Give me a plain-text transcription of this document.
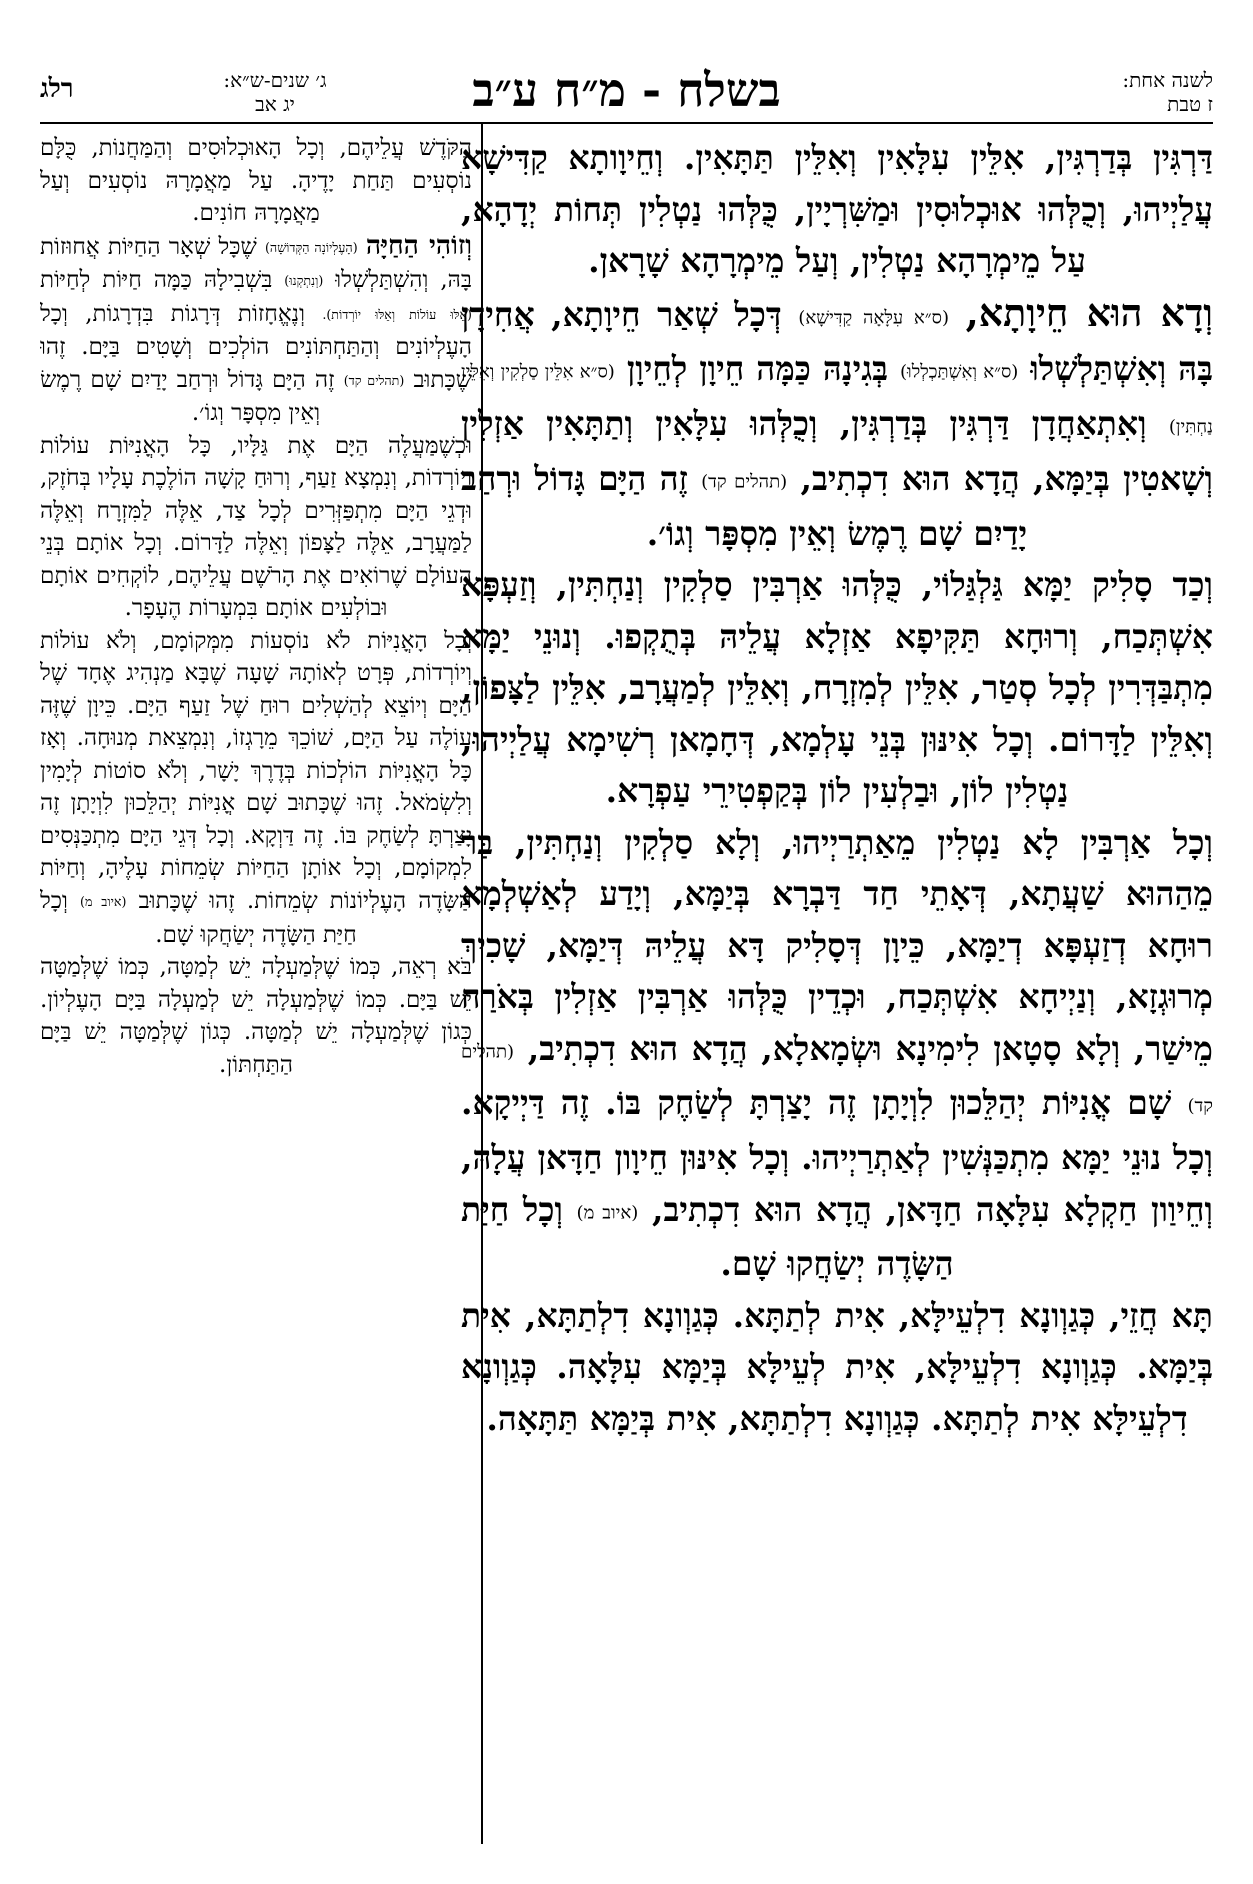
לשנה אחת:
ז טבת
בשלח - מ״ח ע״ב
ג׳ שנים-ש״א:
יג אב
רלג

דַּרְגִּין בְּדַרְגִּין, אִלֵּין עִלָּאִין וְאִלֵּין תַּתָּאִין. וְחֵיוָותָא קַדִּישָׁא עֲלַיְיהוּ, וְכֻלְּהוּ אוּכְלוּסִין וּמַשִּׁרְיָין, כֻּלְּהוּ נַטְלִין תְּחוֹת יְדָהָא, עַל מֵימְרָהָא נַטְלִין, וְעַל מֵימְרָהָא שָׁרָאן.

וְדָא הוּא חֵיוָתָא, (ס״א עִלָּאָה קַדִּישָׁא) דְּכָל שְׁאַר חֵיוָתָא, אֲחִידָן בָּהּ וְאִשְׁתַּלְשְׁלוּ (ס״א וְאִשְׁתַּכְלְלוּ) בְּגִינָהּ כַּמָּה חֵיוָן לְחֵיוָן (ס״א אִלֵּין סַלְקִין וְאִלֵּין נַחְתִּין) וְאִתְאַחֲדָן דַּרְגִּין בְּדַרְגִּין, וְכֻלְּהוּ עִלָּאִין וְתַתָּאִין אַזְלִין וְשָׁאטִין בְּיַמָּא, הֲדָא הוּא דִכְתִיב, (תהלים קד) זֶה הַיָּם גָּדוֹל וּרְחַב יָדַיִם שָׁם רֶמֶשׂ וְאֵין מִסְפָּר וְגוֹ׳.

וְכַד סָלִיק יַמָּא גַּלְגַּלוֹי, כֻּלְּהוּ אַרְבִּין סַלְקִין וְנַחְתִּין, וְזַעְפָּא אִשְׁתְּכַח, וְרוּחָא תַּקִּיפָא אַזְלָא עֲלֵיהּ בְּתֻקְפוּ. וְנוּנֵי יַמָּא מִתְבַּדְּרִין לְכָל סְטַר, אִלֵּין לְמִזְרָח, וְאִלֵּין לְמַעֲרָב, אִלֵּין לַצָּפוֹן, וְאִלֵּין לַדָּרוֹם. וְכָל אִינּוּן בְּנֵי עָלְמָא, דְּחָמָאן רְשִׁימָא עֲלַיְיהוּ, נַטְלִין לוֹן, וּבַלְעִין לוֹן בְּקַפְטִירֵי עַפְרָא.

וְכָל אַרְבִּין לָא נַטְלִין מֵאַתְרַיְיהוּ, וְלָא סַלְקִין וְנַחְתִּין, בַּר מֵהַהוּא שַׁעֲתָא, דְּאָתֵי חַד דַּבְרָא בְּיַמָּא, וְיָדַע לְאַשְׁלְמָא רוּחָא דְזַעְפָּא דְיַמָּא, כֵּיוָן דְּסָלִיק דָּא עֲלֵיהּ דְּיַמָּא, שָׁכִיךְ מְרוּגְזָא, וְנַיְיחָא אִשְׁתְּכַח, וּכְדֵין כֻּלְּהוּ אַרְבִּין אַזְלִין בְּאֹרַח מֵישַׁר, וְלָא סָטָאן לִימִינָא וּשְׂמָאלָא, הֲדָא הוּא דִכְתִיב, (תהלים קד) שָׁם אֳנִיּוֹת יְהַלֵּכוּן לִוְיָתָן זֶה יָצַרְתָּ לְשַׂחֶק בּוֹ. זֶה דַּיְיקָא. וְכָל נוּנֵי יַמָּא מִתְכַּנְּשִׁין לְאַתְרַיְיהוּ. וְכָל אִינּוּן חֵיוָון חַדָּאן עֲלָהּ, וְחֵיוַון חַקְלָא עִלָּאָה חַדָּאן, הֲדָא הוּא דִכְתִיב, (איוב מ) וְכָל חַיַּת הַשָּׂדֶה יְשַׂחֲקוּ שָׁם.

תָּא חֲזֵי, כְּגַוְונָא דִלְעֵילָּא, אִית לְתַתָּא. כְּגַוְונָא דִלְתַתָּא, אִית בְּיַמָּא. כְּגַוְונָא דִלְעֵילָּא, אִית לְעֵילָּא בְּיַמָּא עִלָּאָה. כְּגַוְונָא דִלְעֵילָּא אִית לְתַתָּא. כְּגַוְונָא דִלְתַתָּא, אִית בְּיַמָּא תַּתָּאָה.

הַקֹּדֶשׁ עֲלֵיהֶם, וְכָל הָאוּכְלוּסִים וְהַמַּחֲנוֹת, כֻּלָּם נוֹסְעִים תַּחַת יָדֶיהָ. עַל מַאֲמָרָהּ נוֹסְעִים וְעַל מַאֲמָרָהּ חוֹנִים.

וְזוֹהִי הַחַיָּה (הָעֶלְיוֹנָה הַקְּדוֹשָׁה) שֶׁכָּל שְׁאָר הַחַיּוֹת אֲחוּזוֹת בָּהּ, וְהִשְׁתַּלְשְׁלוּ (וְנִתְקְנוּ) בִּשְׁבִילָהּ כַּמָּה חַיּוֹת לְחַיּוֹת (אֵלּוּ עוֹלוֹת וְאֵלּוּ יוֹרְדוֹת). וְנֶאֱחָזוֹת דְּרָגוֹת בִּדְרָגוֹת, וְכָל הָעֶלְיוֹנִים וְהַתַּחְתּוֹנִים הוֹלְכִים וְשָׁטִים בַּיָּם. זֶהוּ שֶׁכָּתוּב (תהלים קד) זֶה הַיָּם גָּדוֹל וּרְחַב יָדַיִם שָׁם רֶמֶשׂ וְאֵין מִסְפָּר וְגוֹ׳.

וּכְשֶׁמַּעֲלֶה הַיָּם אֶת גַּלָּיו, כָּל הָאֳנִיּוֹת עוֹלוֹת וְיוֹרְדוֹת, וְנִמְצָא זַעַף, וְרוּחַ קָשָׁה הוֹלֶכֶת עָלָיו בְּחֹזֶק, וּדְגֵי הַיָּם מִתְפַּזְּרִים לְכָל צַד, אֵלֶּה לַמִּזְרָח וְאֵלֶּה לַמַּעֲרָב, אֵלֶּה לַצָּפוֹן וְאֵלֶּה לַדָּרוֹם. וְכָל אוֹתָם בְּנֵי הָעוֹלָם שֶׁרוֹאִים אֶת הָרֹשֶׁם עֲלֵיהֶם, לוֹקְחִים אוֹתָם וּבוֹלְעִים אוֹתָם בִּמְעָרוֹת הֶעָפָר.

וְכָל הָאֳנִיּוֹת לֹא נוֹסְעוֹת מִמְּקוֹמָם, וְלֹא עוֹלוֹת וְיוֹרְדוֹת, פְּרָט לְאוֹתָהּ שָׁעָה שֶׁבָּא מַנְהִיג אֶחָד שֶׁל הַיָּם וְיוֹצֵא לְהַשְׁלִים רוּחַ שֶׁל זַעַף הַיָּם. כֵּיוָן שֶׁזֶּה עוֹלֶה עַל הַיָּם, שׁוֹכֵךְ מֵרָגְזוֹ, וְנִמְצֵאת מְנוּחָה. וְאָז כָּל הָאֳנִיּוֹת הוֹלְכוֹת בְּדֶרֶךְ יָשָׁר, וְלֹא סוֹטוֹת לְיָמִין וְלִשְׂמֹאל. זֶהוּ שֶׁכָּתוּב שָׁם אֳנִיּוֹת יְהַלֵּכוּן לִוְיָתָן זֶה יָצַרְתָּ לְשַׂחֶק בּוֹ. זֶה דַּוְקָא. וְכָל דְּגֵי הַיָּם מִתְכַּנְּסִים לִמְקוֹמָם, וְכָל אוֹתָן הַחַיּוֹת שְׂמֵחוֹת עָלֶיהָ, וְחַיּוֹת הַשָּׂדֶה הָעֶלְיוֹנוֹת שְׂמֵחוֹת. זֶהוּ שֶׁכָּתוּב (איוב מ) וְכָל חַיַּת הַשָּׂדֶה יְשַׂחֲקוּ שָׁם.

בֹּא רְאֵה, כְּמוֹ שֶׁלְּמַעְלָה יֵשׁ לְמַטָּה, כְּמוֹ שֶׁלְּמַטָּה יֵשׁ בַּיָּם. כְּמוֹ שֶׁלְּמַעְלָה יֵשׁ לְמַעְלָה בַּיָּם הָעֶלְיוֹן. כְּגוֹן שֶׁלְּמַעְלָה יֵשׁ לְמַטָּה. כְּגוֹן שֶׁלְּמַטָּה יֵשׁ בַּיָּם הַתַּחְתּוֹן.
